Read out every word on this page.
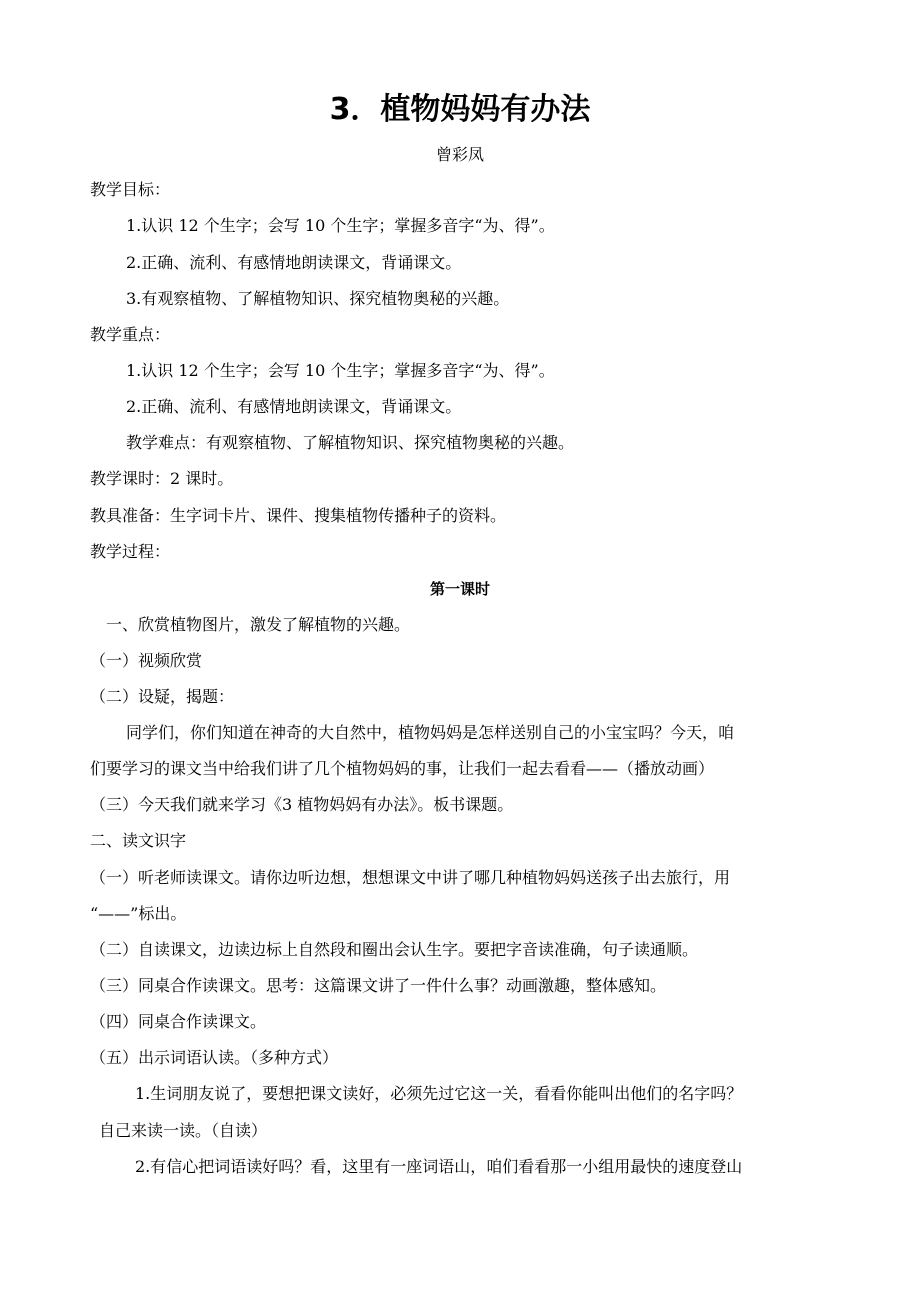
3．植物妈妈有办法
曾彩凤
教学目标：
1.认识 12 个生字；会写 10 个生字；掌握多音字“为、得”。
2.正确、流利、有感情地朗读课文，背诵课文。
3.有观察植物、了解植物知识、探究植物奥秘的兴趣。
教学重点：
1.认识 12 个生字；会写 10 个生字；掌握多音字“为、得”。
2.正确、流利、有感情地朗读课文，背诵课文。
教学难点：有观察植物、了解植物知识、探究植物奥秘的兴趣。
教学课时：2 课时。
教具准备：生字词卡片、课件、搜集植物传播种子的资料。
教学过程：
第一课时
一、欣赏植物图片，激发了解植物的兴趣。
（一）视频欣赏
（二）设疑，揭题：
同学们，你们知道在神奇的大自然中，植物妈妈是怎样送别自己的小宝宝吗？今天，咱
们要学习的课文当中给我们讲了几个植物妈妈的事，让我们一起去看看——（播放动画）
（三）今天我们就来学习《3 植物妈妈有办法》。板书课题。
二、读文识字
（一）听老师读课文。请你边听边想，想想课文中讲了哪几种植物妈妈送孩子出去旅行，用
“——”标出。
（二）自读课文，边读边标上自然段和圈出会认生字。要把字音读准确，句子读通顺。
（三）同桌合作读课文。思考：这篇课文讲了一件什么事？动画激趣，整体感知。
（四）同桌合作读课文。
（五）出示词语认读。（多种方式）
1.生词朋友说了，要想把课文读好，必须先过它这一关，看看你能叫出他们的名字吗？
自己来读一读。（自读）
2.有信心把词语读好吗？看，这里有一座词语山，咱们看看那一小组用最快的速度登山
